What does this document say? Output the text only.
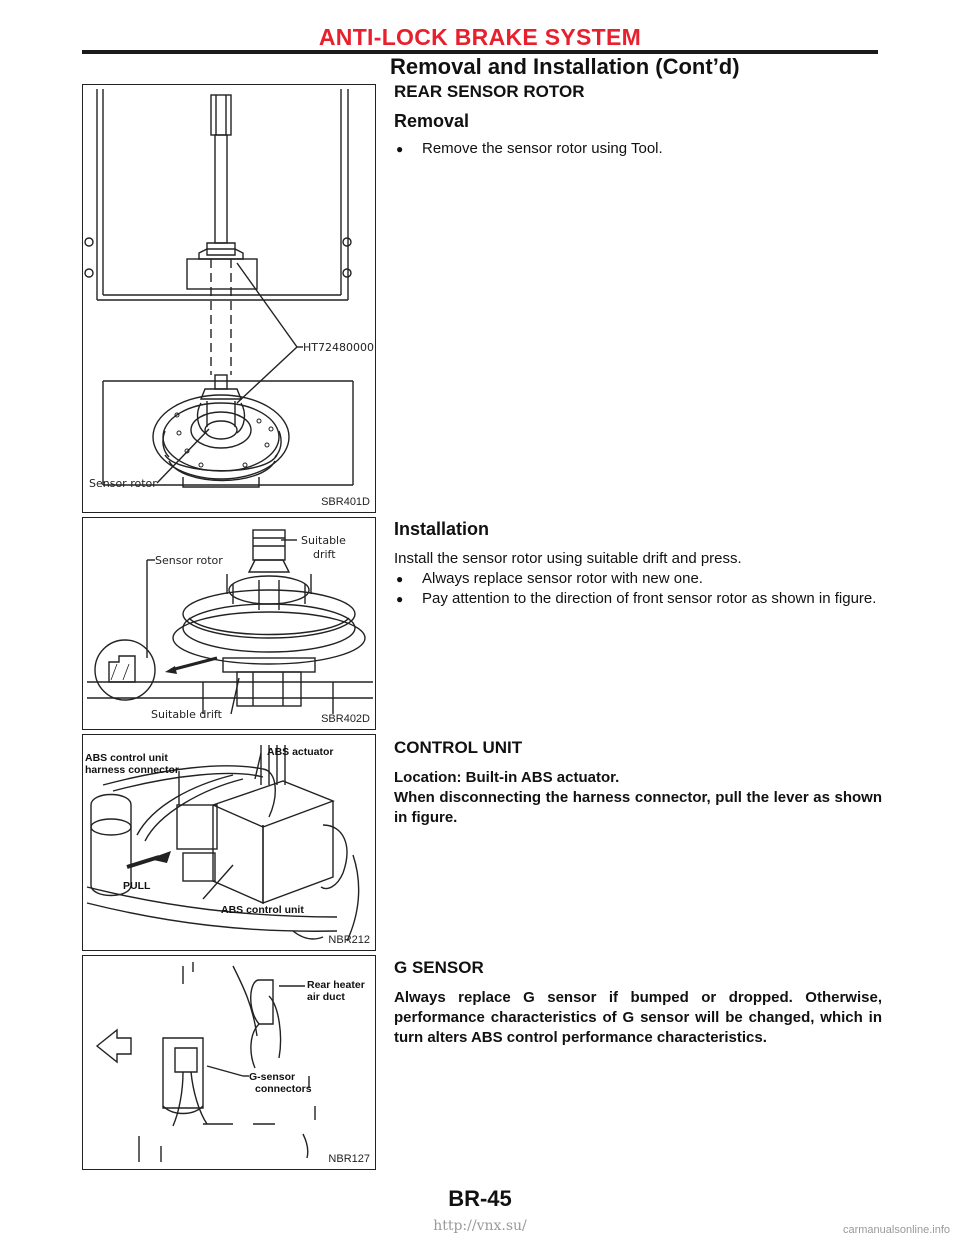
ANTI-LOCK BRAKE SYSTEM
Removal and Installation (Cont’d)
HT72480000
Sensor rotor
SBR401D
Sensor rotor
Suitable
drift
Suitable drift	SBR402D
ABS control unit
harness connector
ABS actuator
PULL
ABS control unit
NBR212
Rear heater
air duct
G-sensor
connectors
NBR127

REAR SENSOR ROTOR

Removal

● Remove the sensor rotor using Tool.

Installation

Install the sensor rotor using suitable drift and press.

● Always replace sensor rotor with new one.
● Pay attention to the direction of front sensor rotor as shown in figure.

CONTROL UNIT

Location: Built-in ABS actuator.

When disconnecting the harness connector, pull the lever as shown in figure.

G SENSOR

Always replace G sensor if bumped or dropped. Otherwise, performance characteristics of G sensor will be changed, which in turn alters ABS control performance characteristics.

BR-45
http://vnx.su/	carmanualsonline.info
